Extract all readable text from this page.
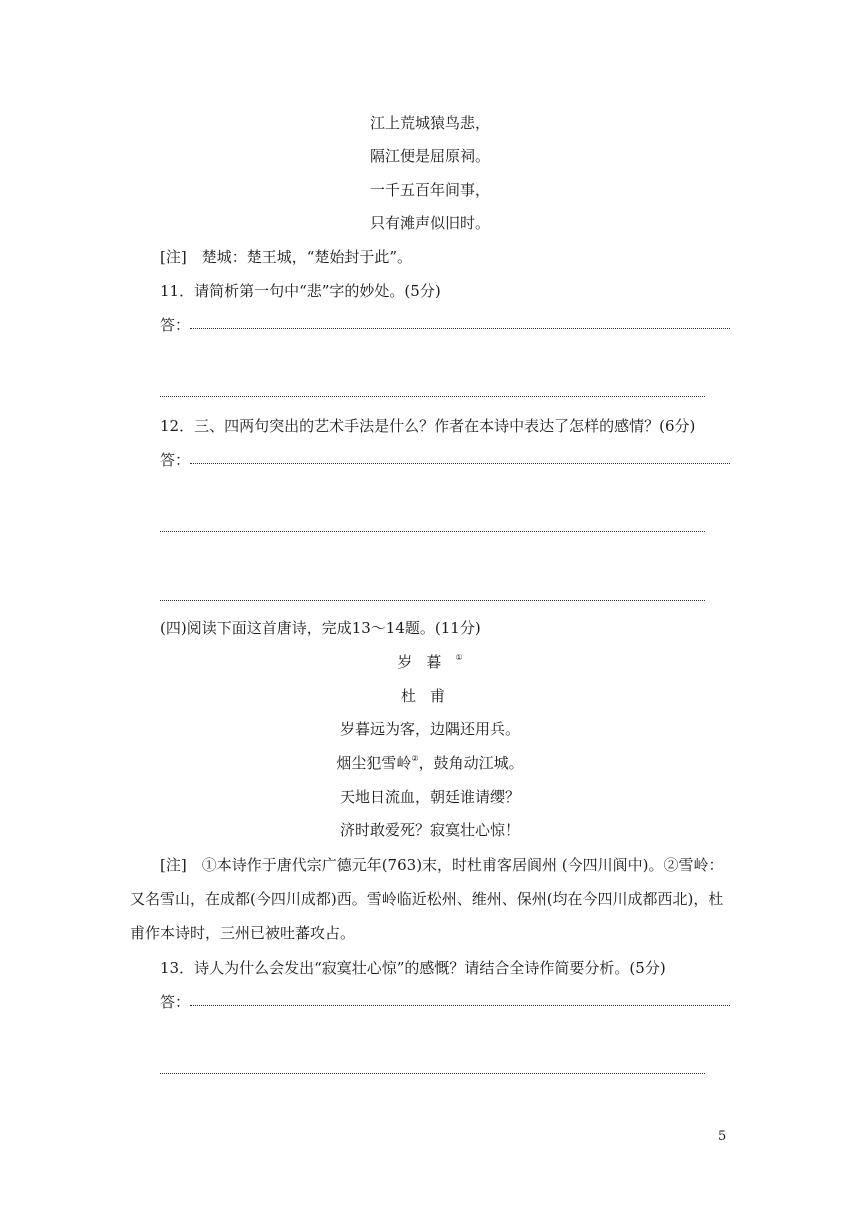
江上荒城猿鸟悲，
隔江便是屈原祠。
一千五百年间事，
只有滩声似旧时。
[注]　楚城：楚王城，“楚始封于此”。
11．请简析第一句中“悲”字的妙处。(5分)
答：
12．三、四两句突出的艺术手法是什么？作者在本诗中表达了怎样的感情？(6分)
答：
(四)阅读下面这首唐诗，完成13～14题。(11分)
岁暮①
杜甫
岁暮远为客，边隅还用兵。
烟尘犯雪岭②，鼓角动江城。
天地日流血，朝廷谁请缨？
济时敢爱死？寂寞壮心惊！
[注]　①本诗作于唐代宗广德元年(763)末，时杜甫客居阆州 (今四川阆中)。②雪岭：
又名雪山，在成都(今四川成都)西。雪岭临近松州、维州、保州(均在今四川成都西北)，杜
甫作本诗时，三州已被吐蕃攻占。
13．诗人为什么会发出“寂寞壮心惊”的感慨？请结合全诗作简要分析。(5分)
答：
5
